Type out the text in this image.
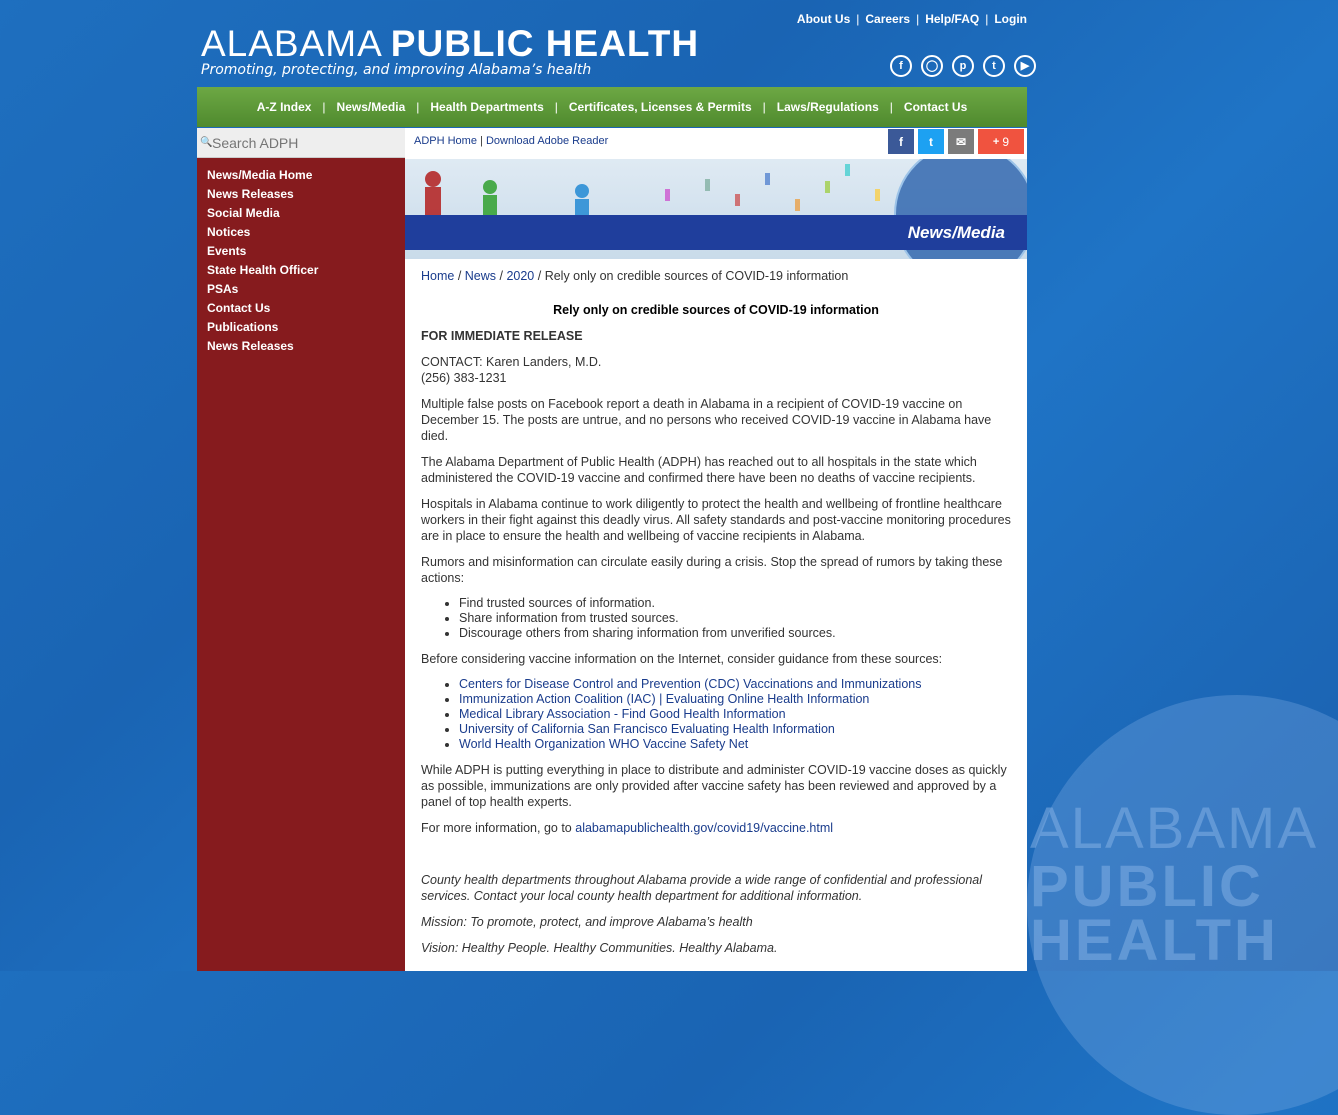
ALABAMA
PUBLIC
HEALTH
ALABAMA PUBLIC HEALTH
Promoting, protecting, and improving Alabama’s health
About Us | Careers | Help/FAQ | Login
f	◯	p	t	▶
A-Z Index | News/Media | Health Departments | Certificates, Licenses & Permits | Laws/Regulations | Contact Us
🔍
Search ADPH
News/Media Home
News Releases
Social Media
Notices
Events
State Health Officer
PSAs
Contact Us
Publications
News Releases
ADPH Home | Download Adobe Reader	f	t	✉	+ 9
News/Media
Home / News / 2020 / Rely only on credible sources of COVID-19 information
Rely only on credible sources of COVID-19 information
FOR IMMEDIATE RELEASE

CONTACT: Karen Landers, M.D.
(256) 383-1231

Multiple false posts on Facebook report a death in Alabama in a recipient of COVID-19 vaccine on December 15. The posts are untrue, and no persons who received COVID-19 vaccine in Alabama have died.

The Alabama Department of Public Health (ADPH) has reached out to all hospitals in the state which administered the COVID-19 vaccine and confirmed there have been no deaths of vaccine recipients.

Hospitals in Alabama continue to work diligently to protect the health and wellbeing of frontline healthcare workers in their fight against this deadly virus. All safety standards and post-vaccine monitoring procedures are in place to ensure the health and wellbeing of vaccine recipients in Alabama.

Rumors and misinformation can circulate easily during a crisis. Stop the spread of rumors by taking these actions:

• Find trusted sources of information.
• Share information from trusted sources.
• Discourage others from sharing information from unverified sources.

Before considering vaccine information on the Internet, consider guidance from these sources:

• Centers for Disease Control and Prevention (CDC) Vaccinations and Immunizations
• Immunization Action Coalition (IAC) | Evaluating Online Health Information
• Medical Library Association - Find Good Health Information
• University of California San Francisco Evaluating Health Information
• World Health Organization WHO Vaccine Safety Net

While ADPH is putting everything in place to distribute and administer COVID-19 vaccine doses as quickly as possible, immunizations are only provided after vaccine safety has been reviewed and approved by a panel of top health experts.

For more information, go to alabamapublichealth.gov/covid19/vaccine.html

County health departments throughout Alabama provide a wide range of confidential and professional services. Contact your local county health department for additional information.

Mission: To promote, protect, and improve Alabama’s health

Vision: Healthy People. Healthy Communities. Healthy Alabama.
